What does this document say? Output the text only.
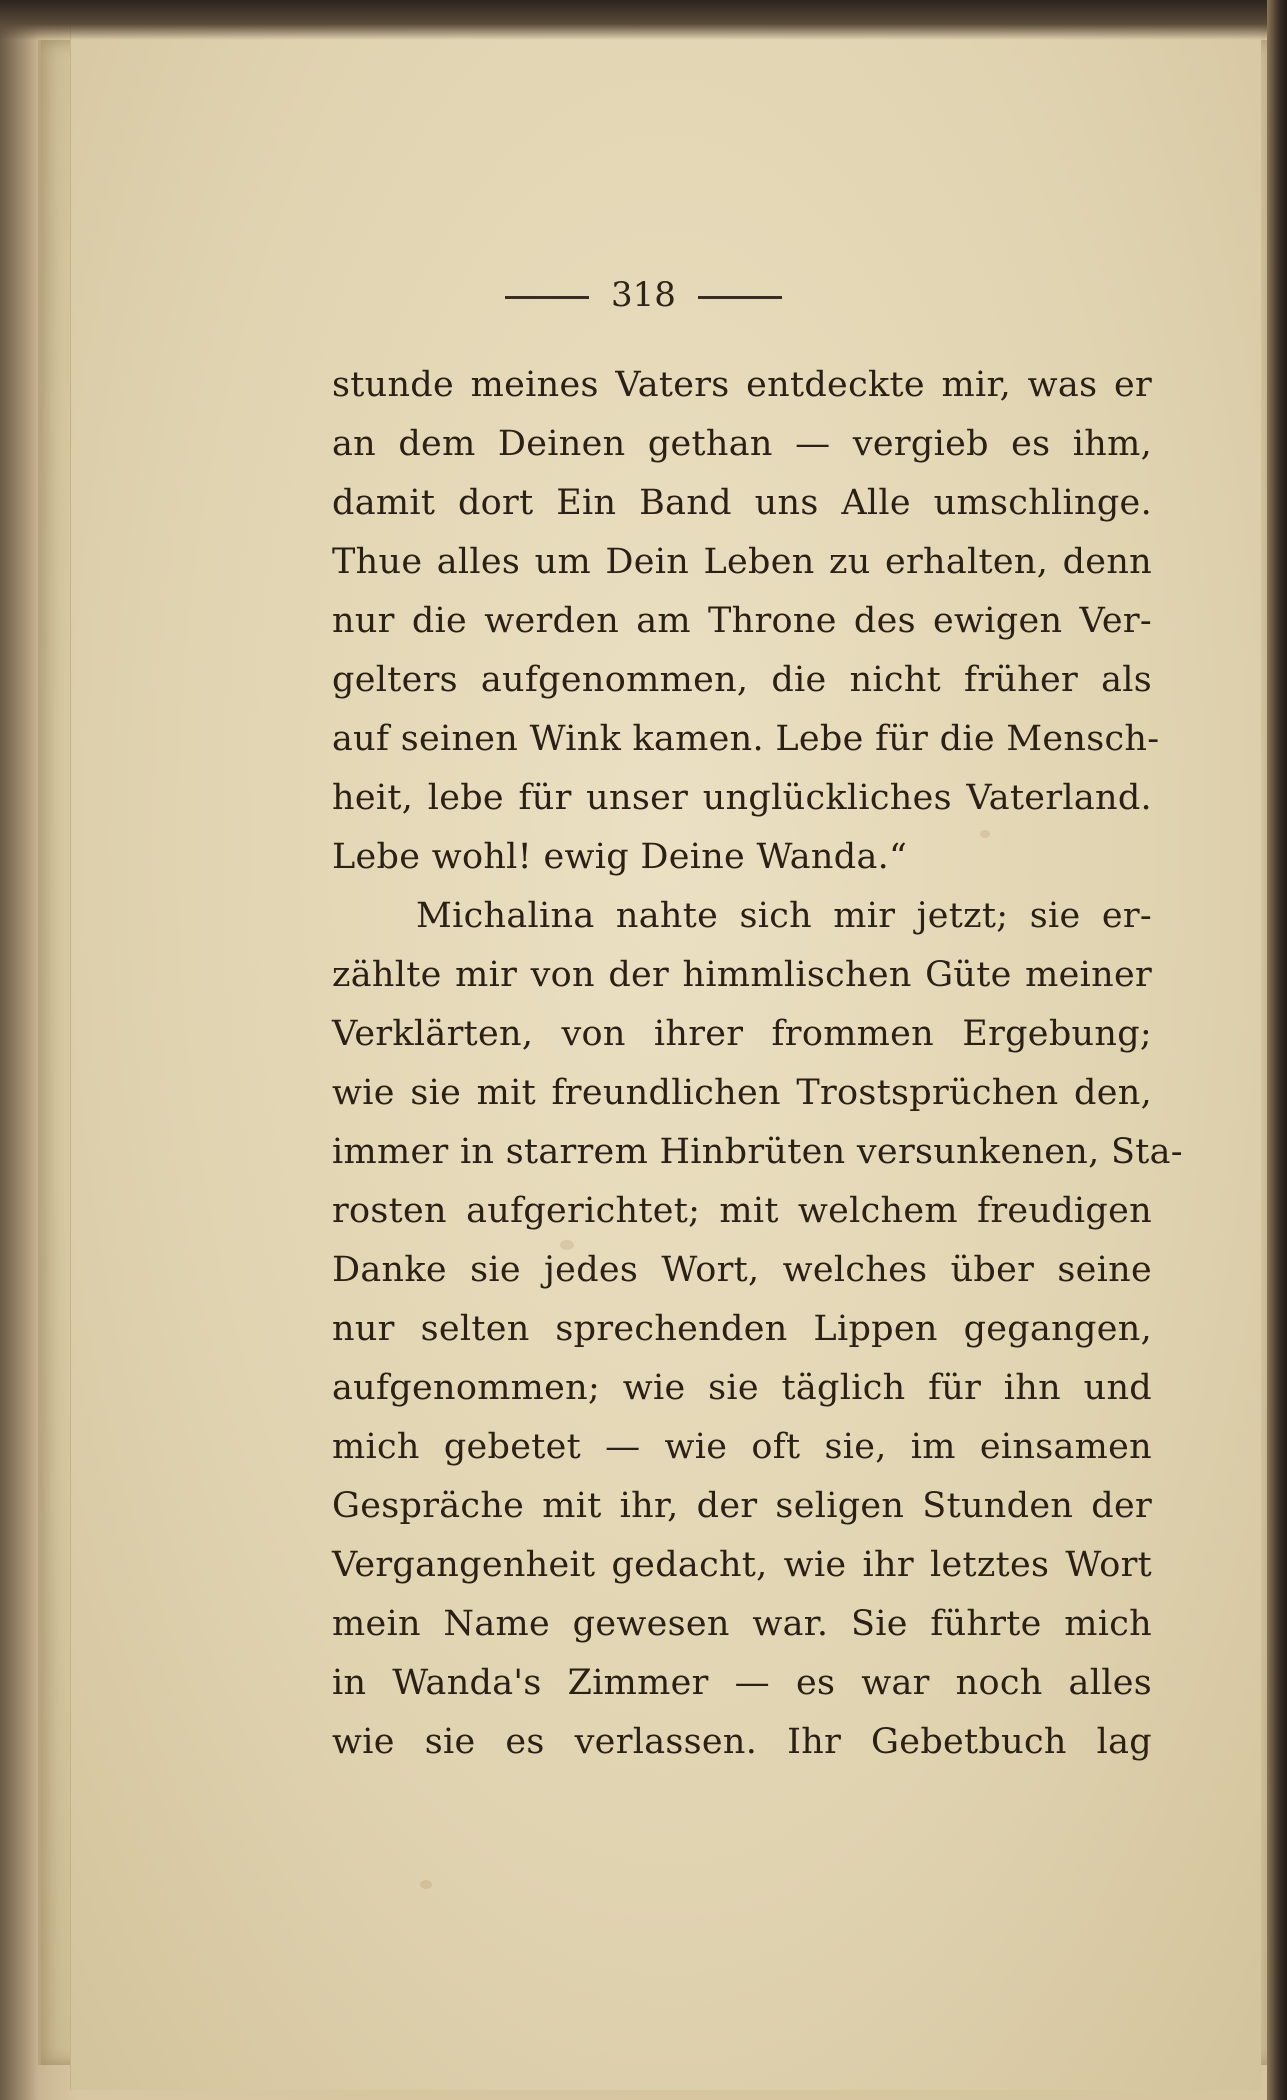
318
stunde meines Vaters entdeckte mir, was er
an dem Deinen gethan — vergieb es ihm,
damit dort Ein Band uns Alle umschlinge.
Thue alles um Dein Leben zu erhalten, denn
nur die werden am Throne des ewigen Ver-
gelters aufgenommen, die nicht früher als
auf seinen Wink kamen. Lebe für die Mensch-
heit, lebe für unser unglückliches Vaterland.
Lebe wohl! ewig Deine Wanda.“
Michalina nahte sich mir jetzt; sie er-
zählte mir von der himmlischen Güte meiner
Verklärten, von ihrer frommen Ergebung;
wie sie mit freundlichen Trostsprüchen den,
immer in starrem Hinbrüten versunkenen, Sta-
rosten aufgerichtet; mit welchem freudigen
Danke sie jedes Wort, welches über seine
nur selten sprechenden Lippen gegangen,
aufgenommen; wie sie täglich für ihn und
mich gebetet — wie oft sie, im einsamen
Gespräche mit ihr, der seligen Stunden der
Vergangenheit gedacht, wie ihr letztes Wort
mein Name gewesen war. Sie führte mich
in Wanda's Zimmer — es war noch alles
wie sie es verlassen. Ihr Gebetbuch lag
